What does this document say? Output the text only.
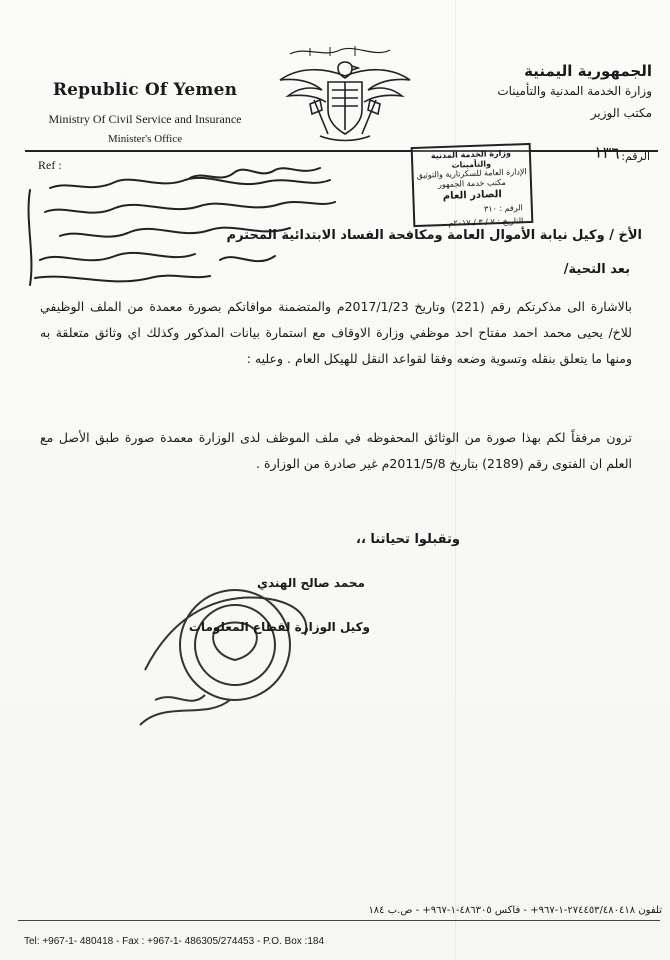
Republic Of Yemen
Ministry Of Civil Service and Insurance
Minister's Office
الجمهورية اليمنية
وزارة الخدمة المدنية والتأمينات
مكتب الوزير
Ref :
الرقم:
١٣٦
وزارة الخدمة المدنية والتأمينات
الإدارة العامة للسكرتارية والتوثيق
مكتب خدمة الجمهور
الصادر العام
الرقم : ٣١٠
التاريخ : ٧ / ٣ / ٢٠١٧م
الأخ / وكيل نيابة الأموال العامة ومكافحة الفساد الابتدائية المحترم
بعد التحية/
بالاشارة الى مذكرتكم رقم (221) وتاريخ 2017/1/23م والمتضمنة موافاتكم بصورة معمدة من الملف الوظيفي للاخ/ يحيى محمد احمد مفتاح احد موظفي وزارة الاوقاف مع استمارة بيانات المذكور وكذلك اي وثائق متعلقة به ومنها ما يتعلق بنقله وتسوية وضعه وفقا لقواعد النقل للهيكل العام . وعليه :
ترون مرفقاً لكم بهذا صورة من الوثائق المحفوظه في ملف الموظف لدى الوزارة معمدة صورة طبق الأصل مع العلم ان الفتوى رقم (2189) بتاريخ 2011/5/8م غير صادرة من الوزارة .
وتقبلوا تحياتنا ،،
محمد صالح الهندي
وكيل الوزارة لقطاع المعلومات
تلفون ٢٧٤٤٥٣/٤٨٠٤١٨-١-٩٦٧+ - فاكس ٤٨٦٣٠٥-١-٩٦٧+ - ص.ب ١٨٤
Tel: +967-1- 480418 - Fax : +967-1- 486305/274453 - P.O. Box :184
